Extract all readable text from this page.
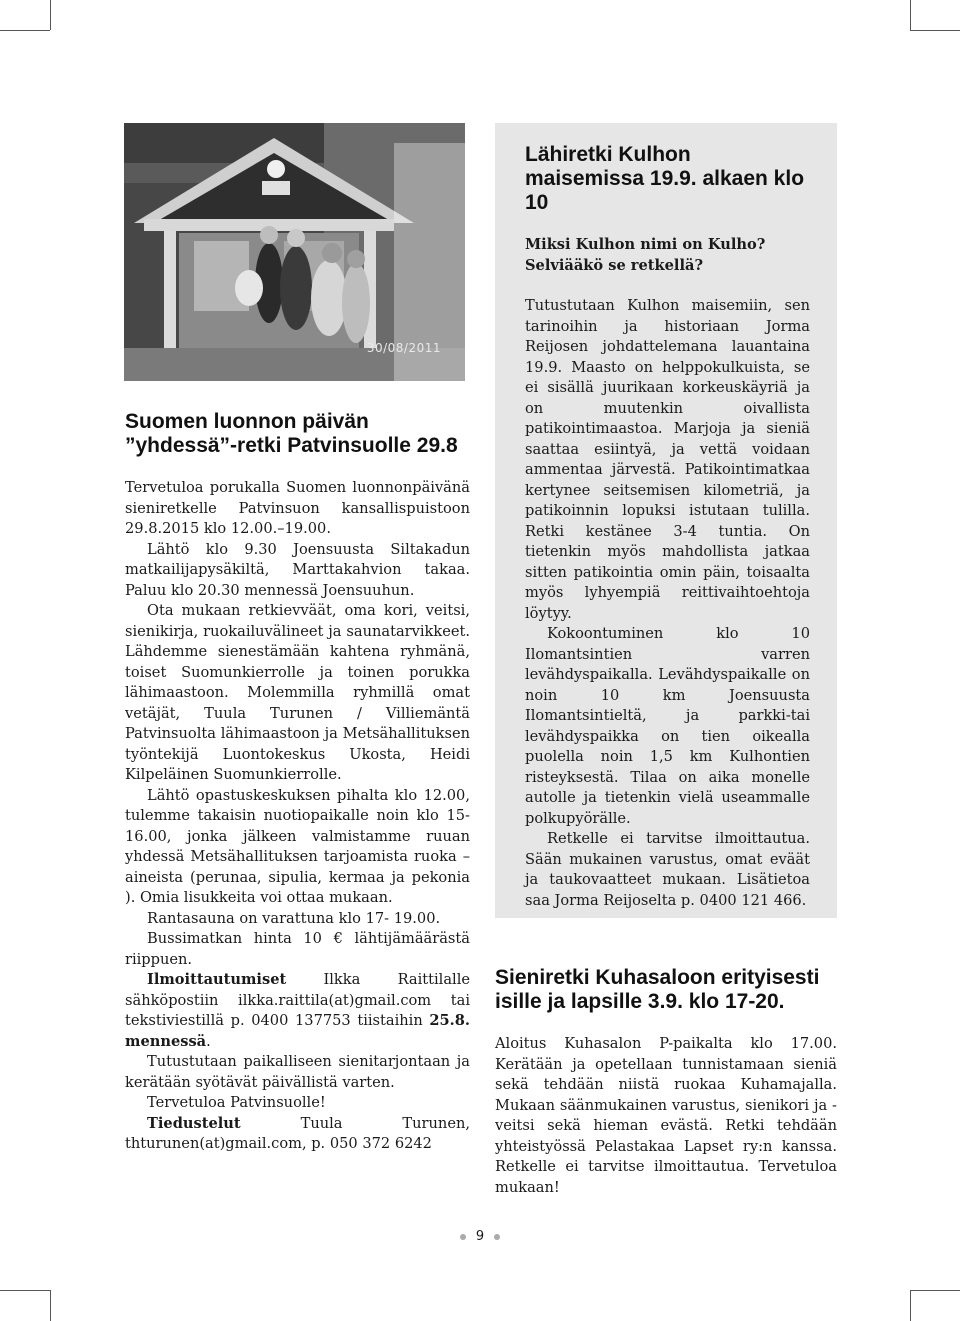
30/08/2011
Suomen luonnon päivän ”yhdessä”-retki Patvinsuolle 29.8

Tervetuloa porukalla Suomen luonnonpäivänä sieniretkelle Patvinsuon kansallispuistoon 29.8.2015 klo 12.00.–19.00.

Lähtö klo 9.30 Joensuusta Siltakadun matkailijapysäkiltä, Marttakahvion takaa. Paluu klo 20.30 mennessä Joensuuhun.

Ota mukaan retkievväät, oma kori, veitsi, sienikirja, ruokailuvälineet ja saunatarvikkeet. Lähdemme sienestämään kahtena ryhmänä, toiset Suomunkierrolle ja toinen porukka lähimaastoon. Molemmilla ryhmillä omat vetäjät, Tuula Turunen / Villiemäntä Patvinsuolta lähimaastoon ja Metsähallituksen työntekijä Luontokeskus Ukosta, Heidi Kilpeläinen Suomunkierrolle.

Lähtö opastuskeskuksen pihalta klo 12.00, tulemme takaisin nuotiopaikalle noin klo 15- 16.00, jonka jälkeen valmistamme ruuan yhdessä Metsähallituksen tarjoamista ruoka – aineista (perunaa, sipulia, kermaa ja pekonia ). Omia lisukkeita voi ottaa mukaan.

Rantasauna on varattuna klo 17- 19.00.

Bussimatkan hinta 10 € lähtijämäärästä riippuen.

Ilmoittautumiset Ilkka Raittilalle sähköpostiin ilkka.raittila(at)gmail.com tai tekstiviestillä p. 0400 137753 tiistaihin 25.8. mennessä.

Tutustutaan paikalliseen sienitarjontaan ja kerätään syötävät päivällistä varten.

Tervetuloa Patvinsuolle!

Tiedustelut Tuula Turunen, thturunen(at)gmail.com, p. 050 372 6242

Lähiretki Kulhon maisemissa 19.9. alkaen klo 10

Miksi Kulhon nimi on Kulho? Selviääkö se retkellä?

Tutustutaan Kulhon maisemiin, sen tarinoihin ja historiaan Jorma Reijosen johdattelemana lauantaina 19.9. Maasto on helppokulkuista, se ei sisällä juurikaan korkeuskäyriä ja on muutenkin oivallista patikointimaastoa. Marjoja ja sieniä saattaa esiintyä, ja vettä voidaan ammentaa järvestä. Patikointimatkaa kertynee seitsemisen kilometriä, ja patikoinnin lopuksi istutaan tulilla. Retki kestänee 3-4 tuntia. On tietenkin myös mahdollista jatkaa sitten patikointia omin päin, toisaalta myös lyhyempiä reittivaihtoehtoja löytyy.

Kokoontuminen klo 10 Ilomantsintien varren levähdyspaikalla. Levähdyspaikalle on noin 10 km Joensuusta Ilomantsintieltä, ja parkki-tai levähdyspaikka on tien oikealla puolella noin 1,5 km Kulhontien risteyksestä. Tilaa on aika monelle autolle ja tietenkin vielä useammalle polkupyörälle.

Retkelle ei tarvitse ilmoittautua. Sään mukainen varustus, omat eväät ja taukovaatteet mukaan. Lisätietoa saa Jorma Reijoselta p. 0400 121 466.

Sieniretki Kuhasaloon erityisesti isille ja lapsille 3.9. klo 17-20.

Aloitus Kuhasalon P-paikalta klo 17.00. Kerätään ja opetellaan tunnistamaan sieniä sekä tehdään niistä ruokaa Kuhamajalla. Mukaan säänmukainen varustus, sienikori ja -veitsi sekä hieman evästä. Retki tehdään yhteistyössä Pelastakaa Lapset ry:n kanssa. Retkelle ei tarvitse ilmoittautua. Tervetuloa mukaan!

9
